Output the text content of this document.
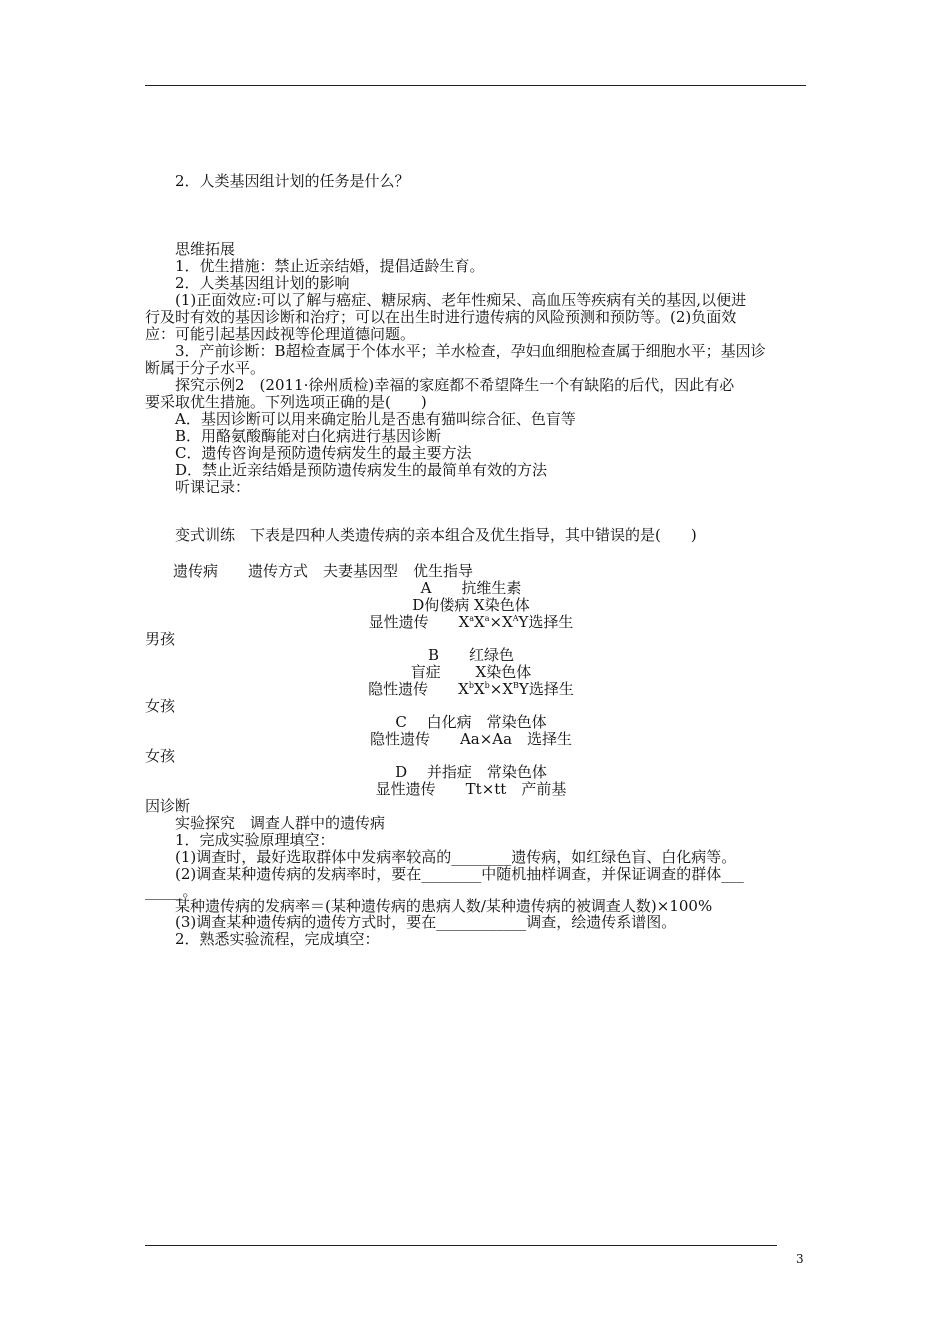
2．人类基因组计划的任务是什么？
思维拓展
1．优生措施：禁止近亲结婚，提倡适龄生育。
2．人类基因组计划的影响
(1)正面效应:可以了解与癌症、糖尿病、老年性痴呆、高血压等疾病有关的基因,以便进
行及时有效的基因诊断和治疗；可以在出生时进行遗传病的风险预测和预防等。(2)负面效
应：可能引起基因歧视等伦理道德问题。
3．产前诊断：B超检查属于个体水平；羊水检查，孕妇血细胞检查属于细胞水平；基因诊
断属于分子水平。
探究示例2　(2011·徐州质检)幸福的家庭都不希望降生一个有缺陷的后代，因此有必
要采取优生措施。下列选项正确的是(　　)
A．基因诊断可以用来确定胎儿是否患有猫叫综合征、色盲等
B．用酪氨酸酶能对白化病进行基因诊断
C．遗传咨询是预防遗传病发生的最主要方法
D．禁止近亲结婚是预防遗传病发生的最简单有效的方法
听课记录：
变式训练　下表是四种人类遗传病的亲本组合及优生指导，其中错误的是(　　)
遗传病　　遗传方式　夫妻基因型　优生指导
A　　抗维生素
D佝偻病 X染色体
显性遗传　　$X^aX^a\times X^AY$选择生
男孩
B　　红绿色
盲症　　 X染色体
隐性遗传　　$X^bX^b\times X^BY$选择生
女孩
C　 白化病　常染色体
隐性遗传　　Aa×Aa　选择生
女孩
D　 并指症　常染色体
显性遗传　　Tt×tt　产前基
因诊断
实验探究　调查人群中的遗传病
1．完成实验原理填空：
(1)调查时，最好选取群体中发病率较高的________遗传病，如红绿色盲、白化病等。
(2)调查某种遗传病的发病率时，要在________中随机抽样调查，并保证调查的群体___
_____。
某种遗传病的发病率＝(某种遗传病的患病人数/某种遗传病的被调查人数)×100%
(3)调查某种遗传病的遗传方式时，要在____________调查，绘遗传系谱图。
2．熟悉实验流程，完成填空：
3
